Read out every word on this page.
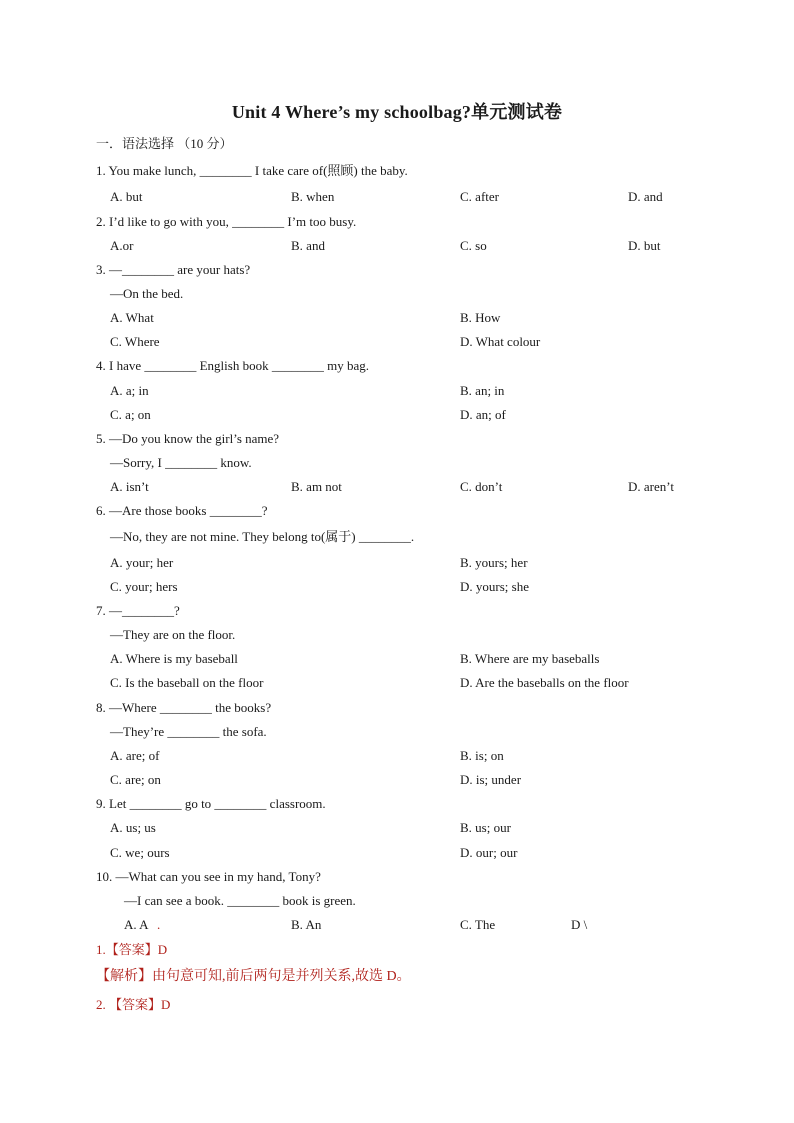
Unit 4 Where’s my schoolbag?单元测试卷
一．语法选择 （10 分）
1. You make lunch, ________ I take care of(照顾) the baby.
A. but	B. when	C. after	D. and
2. I’d like to go with you, ________ I’m too busy.
A.or	B. and	C. so	D. but
3. —________ are your hats?
—On the bed.
A. What	B. How
C. Where	D. What colour
4. I have ________ English book ________ my bag.
A. a; in	B. an; in
C. a; on	D. an; of
5. —Do you know the girl’s name?
—Sorry, I ________ know.
A. isn’t	B. am not	C. don’t	D. aren’t
6. —Are those books ________?
—No, they are not mine. They belong to(属于) ________.
A. your; her	B. yours; her
C. your; hers	D. yours; she
7. —________?
—They are on the floor.
A. Where is my baseball	B. Where are my baseballs
C. Is the baseball on the floor	D. Are the baseballs on the floor
8. —Where ________ the books?
—They’re ________ the sofa.
A. are; of	B. is; on
C. are; on	D. is; under
9. Let ________ go to ________ classroom.
A. us; us	B. us; our
C. we; ours	D. our; our
10. —What can you see in my hand, Tony?
—I can see a book. ________ book is green.
A. A .	B. An	C. The	D \
1.【答案】D
【解析】由句意可知,前后两句是并列关系,故选 D。
2. 【答案】D
